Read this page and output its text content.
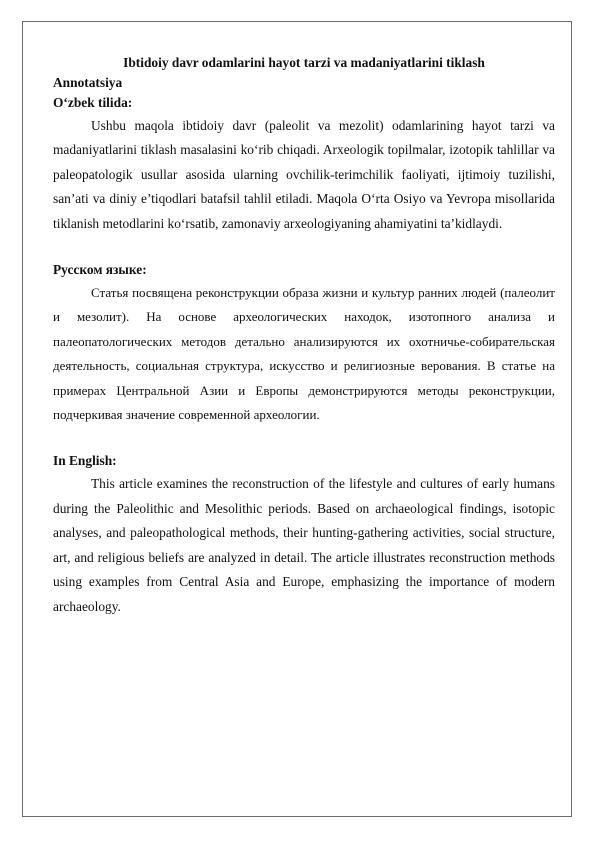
Ibtidoiy davr odamlarini hayot tarzi va madaniyatlarini tiklash
Annotatsiya
O‘zbek tilida:

Ushbu maqola ibtidoiy davr (paleolit va mezolit) odamlarining hayot tarzi va madaniyatlarini tiklash masalasini ko‘rib chiqadi. Arxeologik topilmalar, izotopik tahlillar va paleopatologik usullar asosida ularning ovchilik-terimchilik faoliyati, ijtimoiy tuzilishi, san’ati va diniy e’tiqodlari batafsil tahlil etiladi. Maqola O‘rta Osiyo va Yevropa misollarida tiklanish metodlarini ko‘rsatib, zamonaviy arxeologiyaning ahamiyatini ta’kidlaydi.

Русском языке:

Статья посвящена реконструкции образа жизни и культур ранних людей (палеолит и мезолит). На основе археологических находок, изотопного анализа и палеопатологических методов детально анализируются их охотничье-собирательская деятельность, социальная структура, искусство и религиозные верования. В статье на примерах Центральной Азии и Европы демонстрируются методы реконструкции, подчеркивая значение современной археологии.

In English:

This article examines the reconstruction of the lifestyle and cultures of early humans during the Paleolithic and Mesolithic periods. Based on archaeological findings, isotopic analyses, and paleopathological methods, their hunting-gathering activities, social structure, art, and religious beliefs are analyzed in detail. The article illustrates reconstruction methods using examples from Central Asia and Europe, emphasizing the importance of modern archaeology.
